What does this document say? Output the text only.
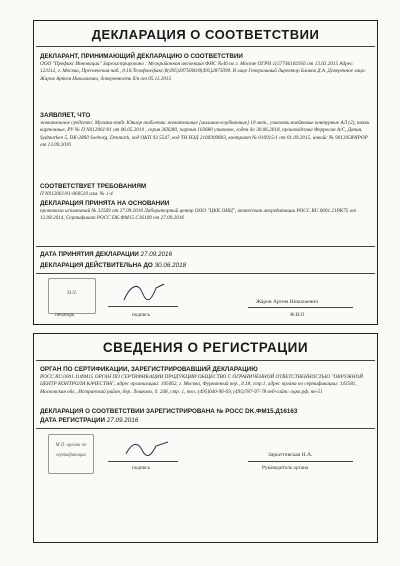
ДЕКЛАРАЦИЯ О СООТВЕТСТВИИ
ДЕКЛАРАНТ, ПРИНИМАЮЩИЙ ДЕКЛАРАЦИЮ О СООТВЕТСТВИИ
ООО "Префикс Инновации" Зарегистрировано : Межрайонная инспекция ФНС №46 по г. Москве ОГРН 1157746182956 от 13.03.2015 Адрес: 123112, г. Москва, Пресненская наб., д.10.Телефон/факс:8(495)2875000/8(495)2875099. В лице Генеральный директор Бликов Д.А. Доверенное лицо: Жаров Артем Николаевич, доверенность б/н от 05.11.2015
ЗАЯВЛЯЕТ, ЧТО
жевательное средство: Мульти-табс Юниор таблетки жевательные [малинао-клубничные] 10 мет., упаковки ячейковые контурные АЛ (2), пачки картонные, РУ № П N012061/01 от 06.05.2010 , серия 269280, партия 103680 упаковок, годен до 30.06.2018, производства Ферросан А/С, Дания, Sydmarken 5, DK-2860 Soeborg, Denmark, код ОКП 93 5547, код ТН ВЭД 2106909803, контракт № 010915/1 от 01.09.2015, инвойс № 90139589IPOP от 13.09.2016
СООТВЕТСТВУЕТ ТРЕБОВАНИЯМ
П N012061/01-060510 изм. № 1-4
ДЕКЛАРАЦИЯ ПРИНЯТА НА ОСНОВАНИИ
протокола испытаний № 32569 от 27.09.2016 Лабораторный центр ООО "ЦКК ОНЦ", аттестат аккредитации РОСС RU.0001.21РК75 от 12.08.2014, Сертификат РОСС DK.ФМ15.С16109 от 27.09.2016
ДАТА ПРИНЯТИЯ ДЕКЛАРАЦИИ 27.09.2016
ДЕКЛАРАЦИЯ ДЕЙСТВИТЕЛЬНА ДО 30.06.2018
М.П.
печатьрь	подпись
Жаров Артем Николаевич
Ф.И.О
СВЕДЕНИЯ О РЕГИСТРАЦИИ
ОРГАН ПО СЕРТИФИКАЦИИ, ЗАРЕГИСТРИРОВАВШИЙ ДЕКЛАРАЦИЮ
РОСС RU.0001.11ФМ15 ОРГАН ПО СЕРТИФИКАЦИИ ПРОДУКЦИИ ОБЩЕСТВО С ОГРАНИЧЕННОЙ ОТВЕТСТВЕННОСТЬЮ "ОКРУЖНОЙ ЦЕНТР КОНТРОЛЯ КАЧЕСТВА", адрес организации: 105062, г. Москва, Фурманный пер., д.18, стр.1, адрес органа по сертификации: 143581, Московская обл., Истринский район, дер. Лешково, д. 248, стр. 1, тел.:(495)640-96-69, (495)787-97-78 веб-сайт: оцкк.рф, пн-51
ДЕКЛАРАЦИЯ О СООТВЕТСТВИИ ЗАРЕГИСТРИРОВАНА № РОСС DK.ФМ15.Д16163
ДАТА РЕГИСТРАЦИИ 27.09.2016
М.П. органа по сертификации
подпись
Зарыттовская Н.А.
Руководитель органа
